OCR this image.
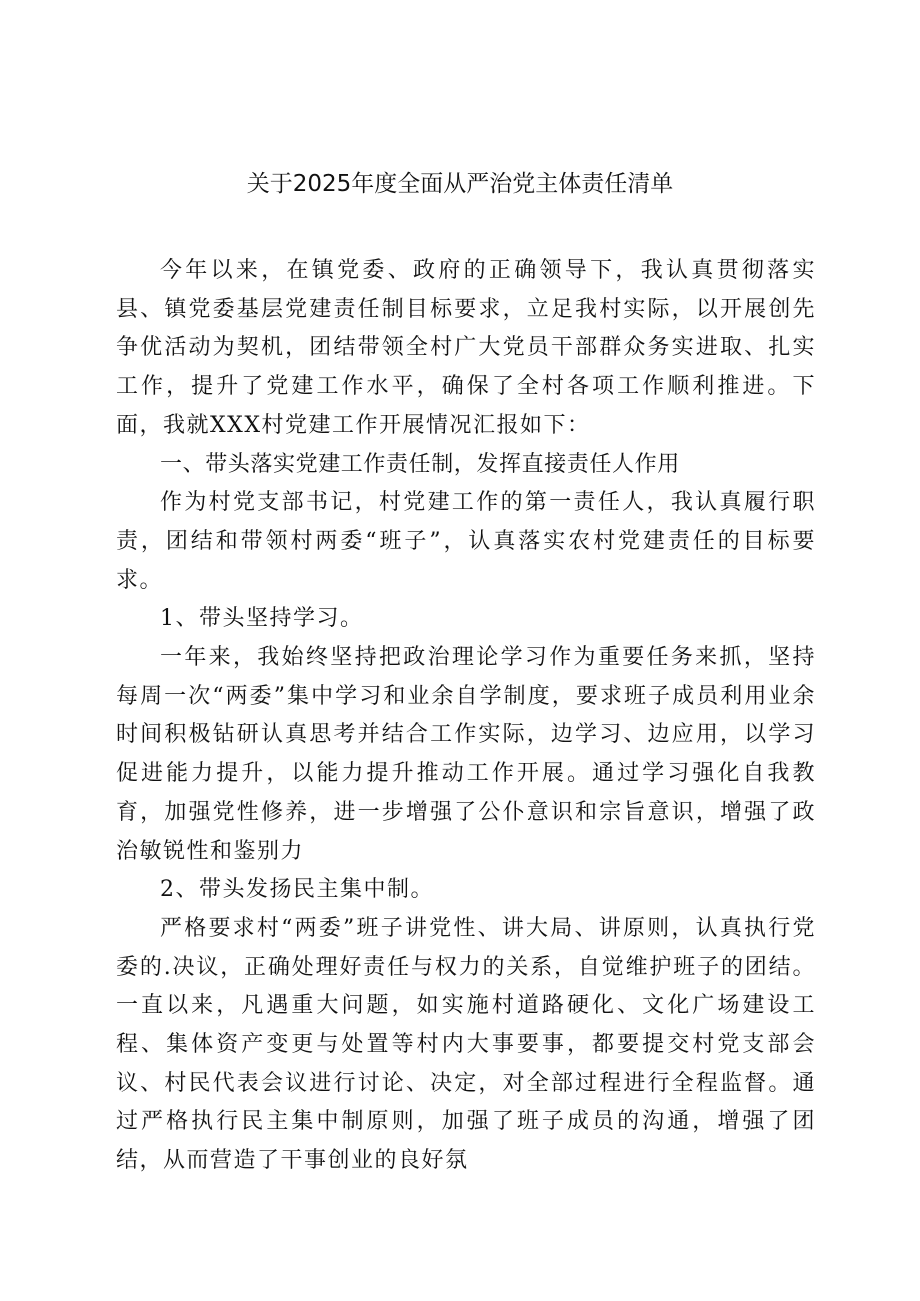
关于2025年度全面从严治党主体责任清单

今年以来，在镇党委、政府的正确领导下，我认真贯彻落实县、镇党委基层党建责任制目标要求，立足我村实际，以开展创先争优活动为契机，团结带领全村广大党员干部群众务实进取、扎实工作，提升了党建工作水平，确保了全村各项工作顺利推进。下面，我就XXX村党建工作开展情况汇报如下：

一、带头落实党建工作责任制，发挥直接责任人作用

作为村党支部书记，村党建工作的第一责任人，我认真履行职责，团结和带领村两委“班子”，认真落实农村党建责任的目标要求。

1、带头坚持学习。

一年来，我始终坚持把政治理论学习作为重要任务来抓，坚持每周一次“两委”集中学习和业余自学制度，要求班子成员利用业余时间积极钻研认真思考并结合工作实际，边学习、边应用，以学习促进能力提升，以能力提升推动工作开展。通过学习强化自我教育，加强党性修养，进一步增强了公仆意识和宗旨意识，增强了政治敏锐性和鉴别力

2、带头发扬民主集中制。

严格要求村“两委”班子讲党性、讲大局、讲原则，认真执行党委的.决议，正确处理好责任与权力的关系，自觉维护班子的团结。一直以来，凡遇重大问题，如实施村道路硬化、文化广场建设工程、集体资产变更与处置等村内大事要事，都要提交村党支部会议、村民代表会议进行讨论、决定，对全部过程进行全程监督。通过严格执行民主集中制原则，加强了班子成员的沟通，增强了团结，从而营造了干事创业的良好氛
